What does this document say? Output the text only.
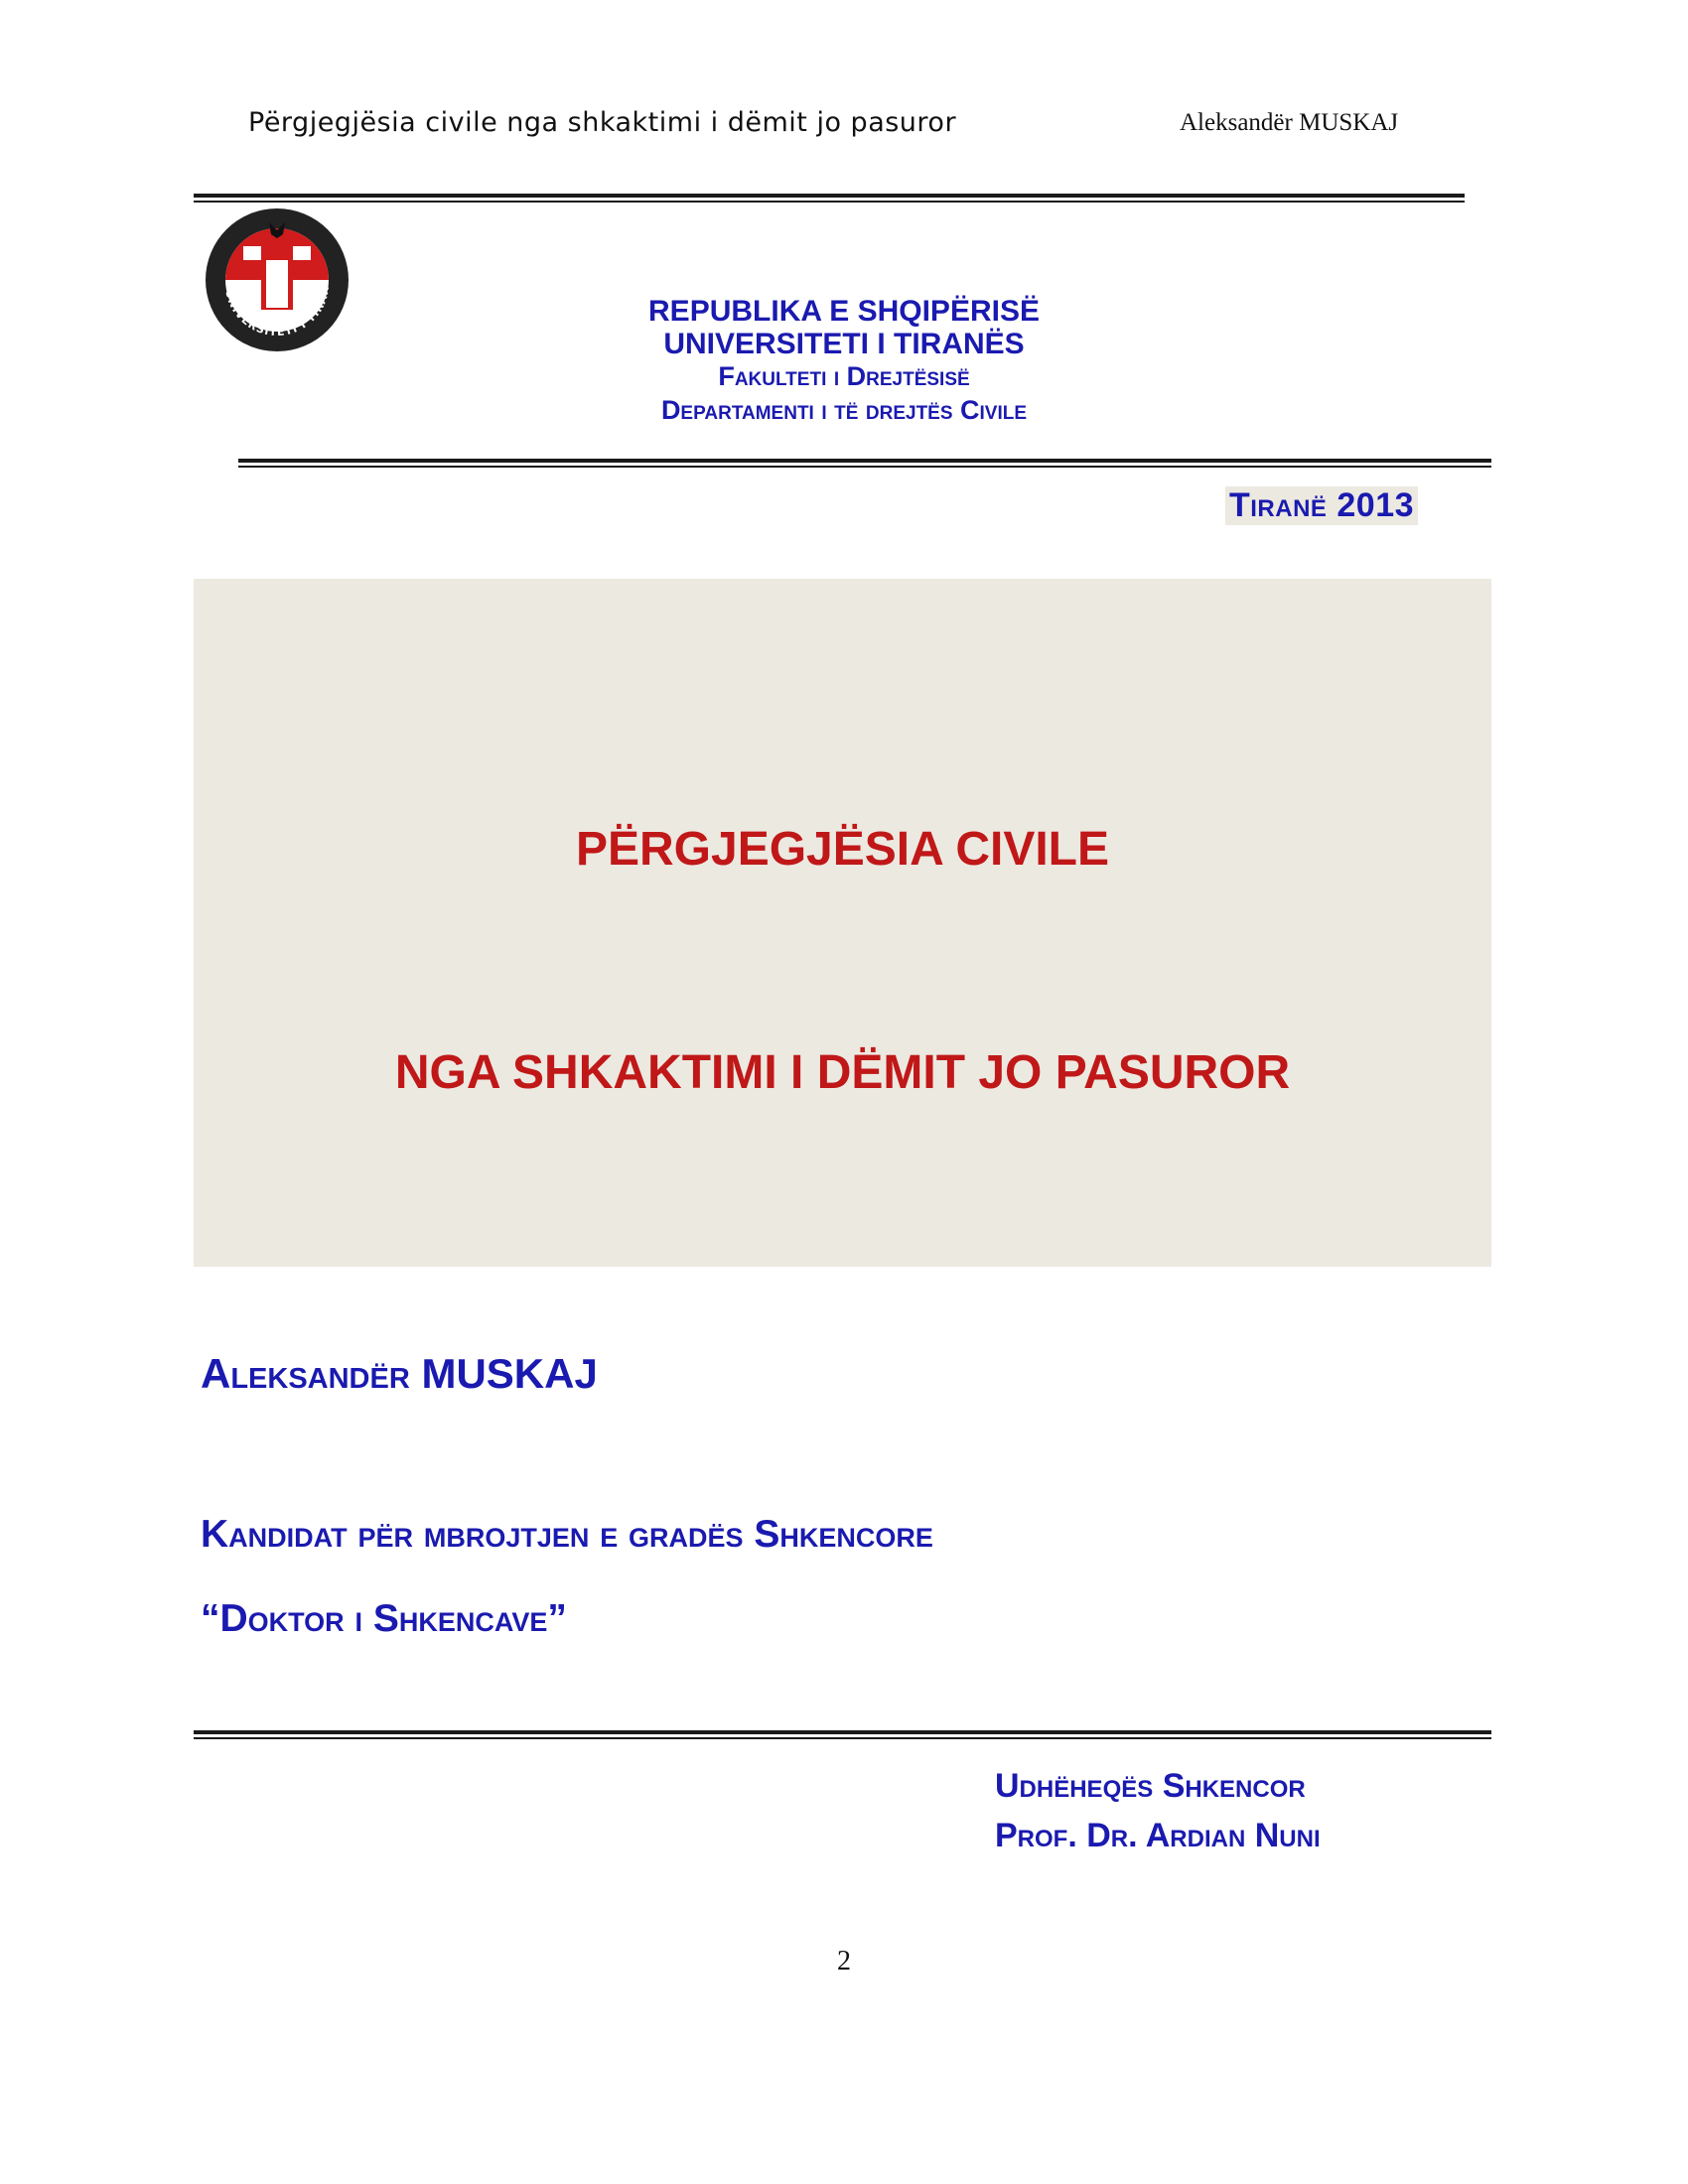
Përgjegjësia civile nga shkaktimi i dëmit jo pasuror	Aleksandër MUSKAJ
UNIVERSITETI I TIRAN
REPUBLIKA E SHQIPËRISË
UNIVERSITETI I TIRANËS
Fakulteti i Drejtësisë
Departamenti i të drejtës Civile
Tiranë 2013
PËRGJEGJËSIA CIVILE
NGA SHKAKTIMI I DËMIT JO PASUROR
Aleksandër MUSKAJ
Kandidat për mbrojtjen e gradës Shkencore
“Doktor i Shkencave”
Udhëheqës Shkencor
Prof. Dr. Ardian Nuni
2
